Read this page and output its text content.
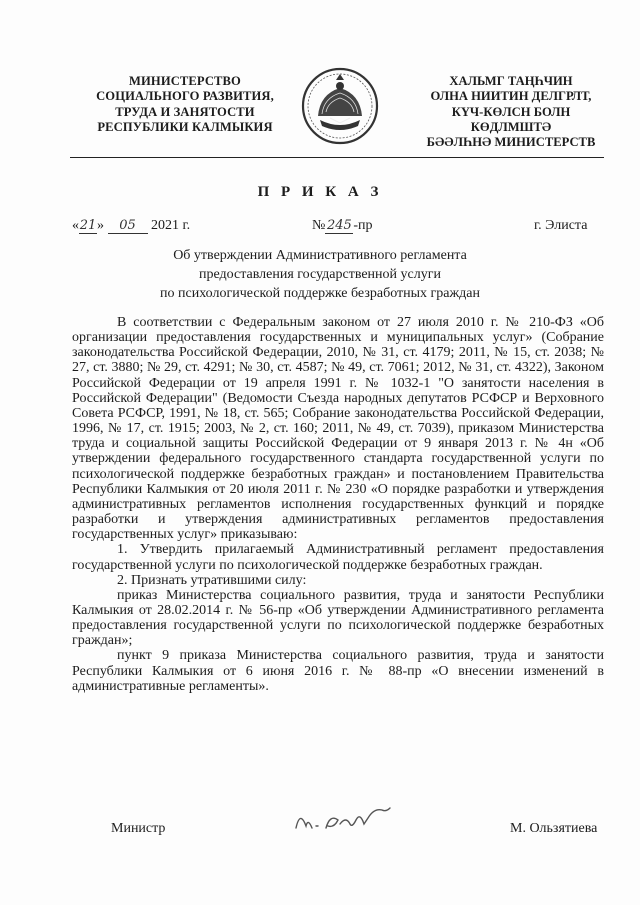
МИНИСТЕРСТВО
СОЦИАЛЬНОГО РАЗВИТИЯ,
ТРУДА И ЗАНЯТОСТИ
РЕСПУБЛИКИ КАЛМЫКИЯ
ХАЛЬМГ ТАҢҺЧИН
ОЛНА НИИТИН ДЕЛГРЛТ,
КҮЧ-КӨЛСН БОЛН
КӨДЛМШТӘ
БӘӘЛҺНӘ МИНИСТЕРСТВ
П Р И К А З
«21» 05 2021 г.	№ 245 -пр	г. Элиста
Об утверждении Административного регламента
предоставления государственной услуги
по психологической поддержке безработных граждан

В соответствии с Федеральным законом от 27 июля 2010 г. № 210-ФЗ «Об организации предоставления государственных и муниципальных услуг» (Собрание законодательства Российской Федерации, 2010, № 31, ст. 4179; 2011, № 15, ст. 2038; № 27, ст. 3880; № 29, ст. 4291; № 30, ст. 4587; № 49, ст. 7061; 2012, № 31, ст. 4322), Законом Российской Федерации от 19 апреля 1991 г. № 1032-1 "О занятости населения в Российской Федерации" (Ведомости Съезда народных депутатов РСФСР и Верховного Совета РСФСР, 1991, № 18, ст. 565; Собрание законодательства Российской Федерации, 1996, № 17, ст. 1915; 2003, № 2, ст. 160; 2011, № 49, ст. 7039), приказом Министерства труда и социальной защиты Российской Федерации от 9 января 2013 г. № 4н «Об утверждении федерального государственного стандарта государственной услуги по психологической поддержке безработных граждан» и постановлением Правительства Республики Калмыкия от 20 июля 2011 г. № 230 «О порядке разработки и утверждения административных регламентов исполнения государственных функций и порядке разработки и утверждения административных регламентов предоставления государственных услуг» приказываю:

1. Утвердить прилагаемый Административный регламент предоставления государственной услуги по психологической поддержке безработных граждан.

2. Признать утратившими силу:

приказ Министерства социального развития, труда и занятости Республики Калмыкия от 28.02.2014 г. № 56-пр «Об утверждении Административного регламента предоставления государственной услуги по психологической поддержке безработных граждан»;

пункт 9 приказа Министерства социального развития, труда и занятости Республики Калмыкия от 6 июня 2016 г. № 88-пр «О внесении изменений в административные регламенты».

Министр	М. Ользятиева
